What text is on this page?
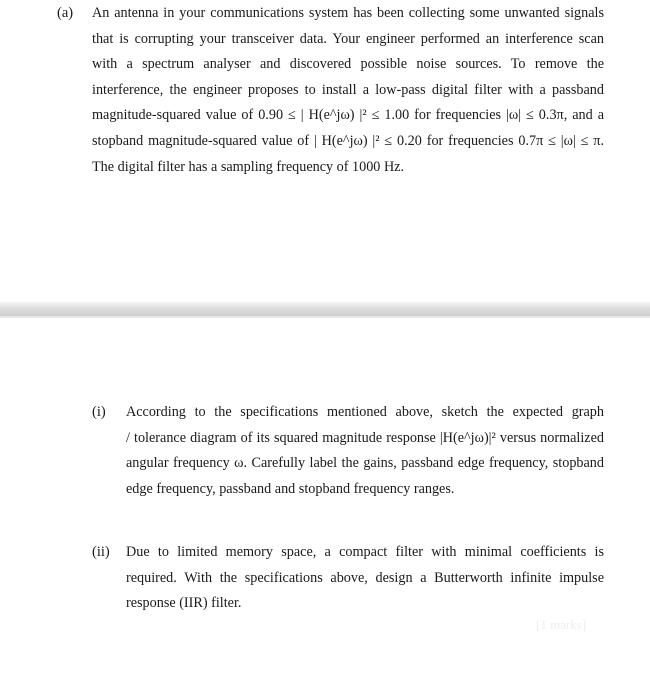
(a) An antenna in your communications system has been collecting some unwanted signals
that is corrupting your transceiver data. Your engineer performed an interference scan
with a spectrum analyser and discovered possible noise sources. To remove the
interference, the engineer proposes to install a low-pass digital filter with a passband
magnitude-squared value of 0.90 ≤ | H(e^jω) |² ≤ 1.00 for frequencies |ω| ≤ 0.3π, and a
stopband magnitude-squared value of | H(e^jω) |² ≤ 0.20 for frequencies 0.7π ≤ |ω| ≤ π.
The digital filter has a sampling frequency of 1000 Hz.
(i) According to the specifications mentioned above, sketch the expected graph
/ tolerance diagram of its squared magnitude response |H(e^jω)|² versus normalized
angular frequency ω. Carefully label the gains, passband edge frequency, stopband
edge frequency, passband and stopband frequency ranges.
(ii) Due to limited memory space, a compact filter with minimal coefficients is
required. With the specifications above, design a Butterworth infinite impulse
response (IIR) filter.
[1 marks]
